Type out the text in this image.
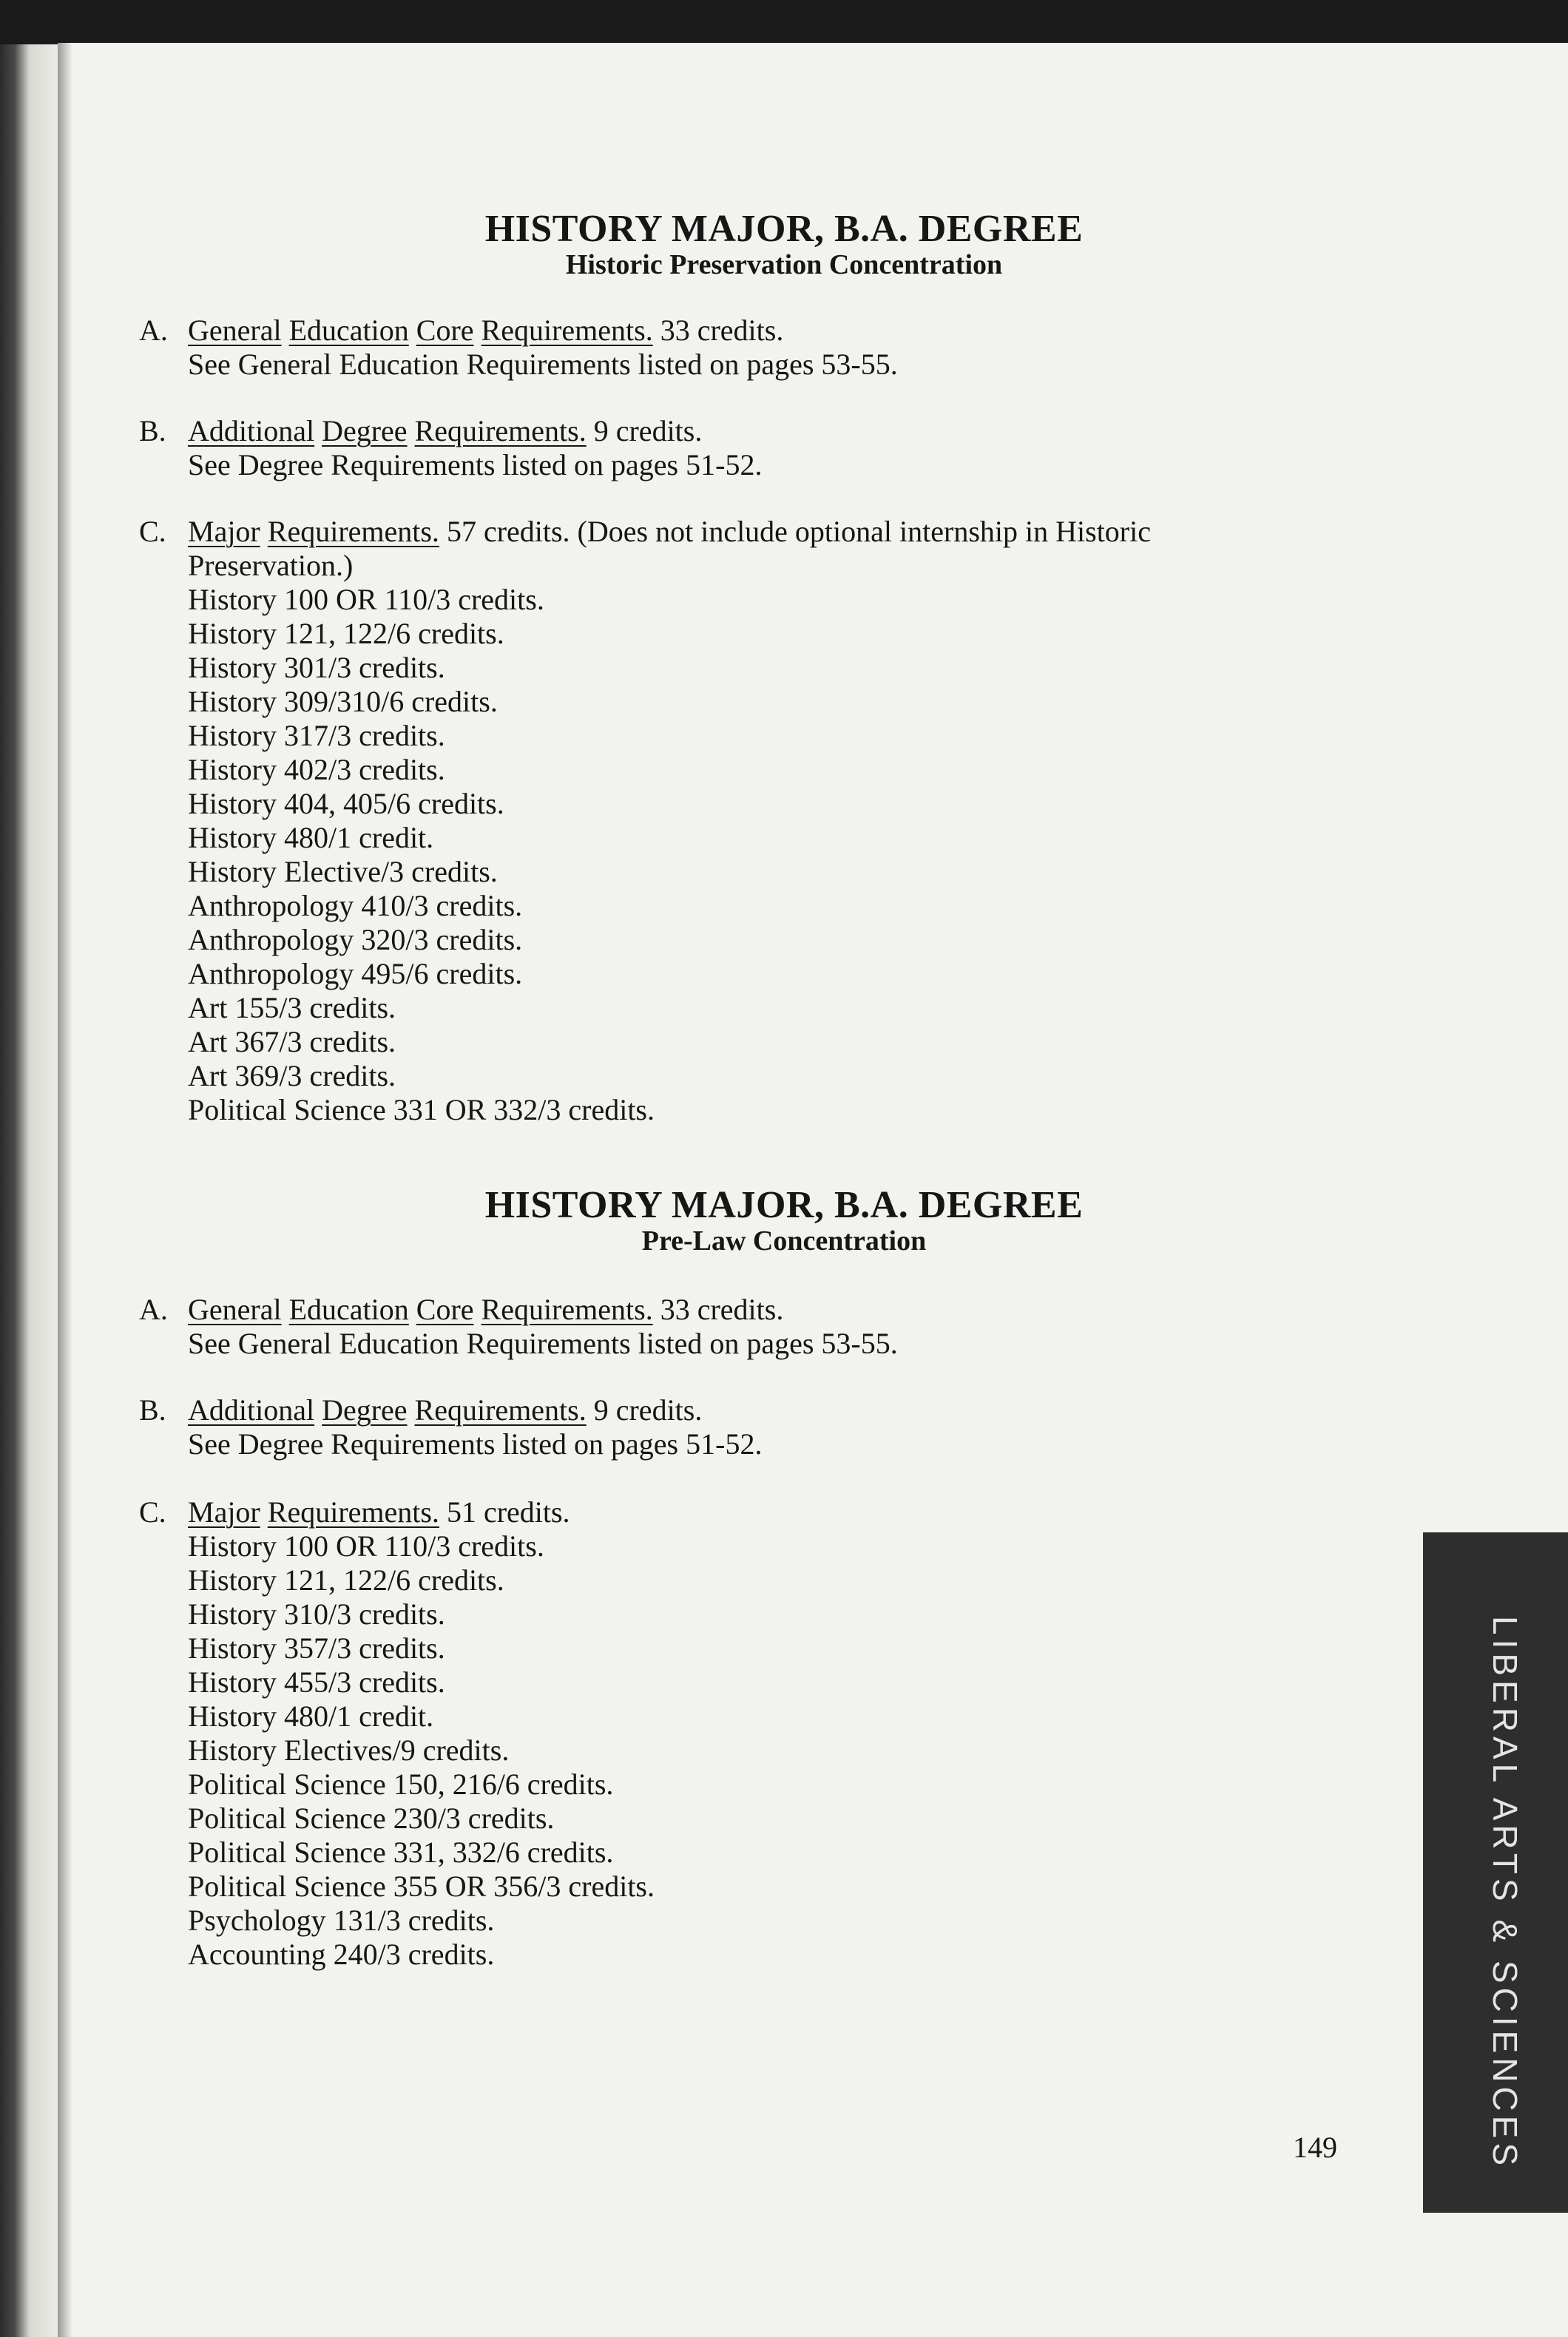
HISTORY MAJOR, B.A. DEGREE
Historic Preservation Concentration
A. General Education Core Requirements. 33 credits.
See General Education Requirements listed on pages 53-55.
B. Additional Degree Requirements. 9 credits.
See Degree Requirements listed on pages 51-52.
C. Major Requirements. 57 credits. (Does not include optional internship in Historic
Preservation.)
History 100 OR 110/3 credits.
History 121, 122/6 credits.
History 301/3 credits.
History 309/310/6 credits.
History 317/3 credits.
History 402/3 credits.
History 404, 405/6 credits.
History 480/1 credit.
History Elective/3 credits.
Anthropology 410/3 credits.
Anthropology 320/3 credits.
Anthropology 495/6 credits.
Art 155/3 credits.
Art 367/3 credits.
Art 369/3 credits.
Political Science 331 OR 332/3 credits.
HISTORY MAJOR, B.A. DEGREE
Pre-Law Concentration
A. General Education Core Requirements. 33 credits.
See General Education Requirements listed on pages 53-55.
B. Additional Degree Requirements. 9 credits.
See Degree Requirements listed on pages 51-52.
C. Major Requirements. 51 credits.
History 100 OR 110/3 credits.
History 121, 122/6 credits.
History 310/3 credits.
History 357/3 credits.
History 455/3 credits.
History 480/1 credit.
History Electives/9 credits.
Political Science 150, 216/6 credits.
Political Science 230/3 credits.
Political Science 331, 332/6 credits.
Political Science 355 OR 356/3 credits.
Psychology 131/3 credits.
Accounting 240/3 credits.	LIBERAL ARTS & SCIENCES
149
